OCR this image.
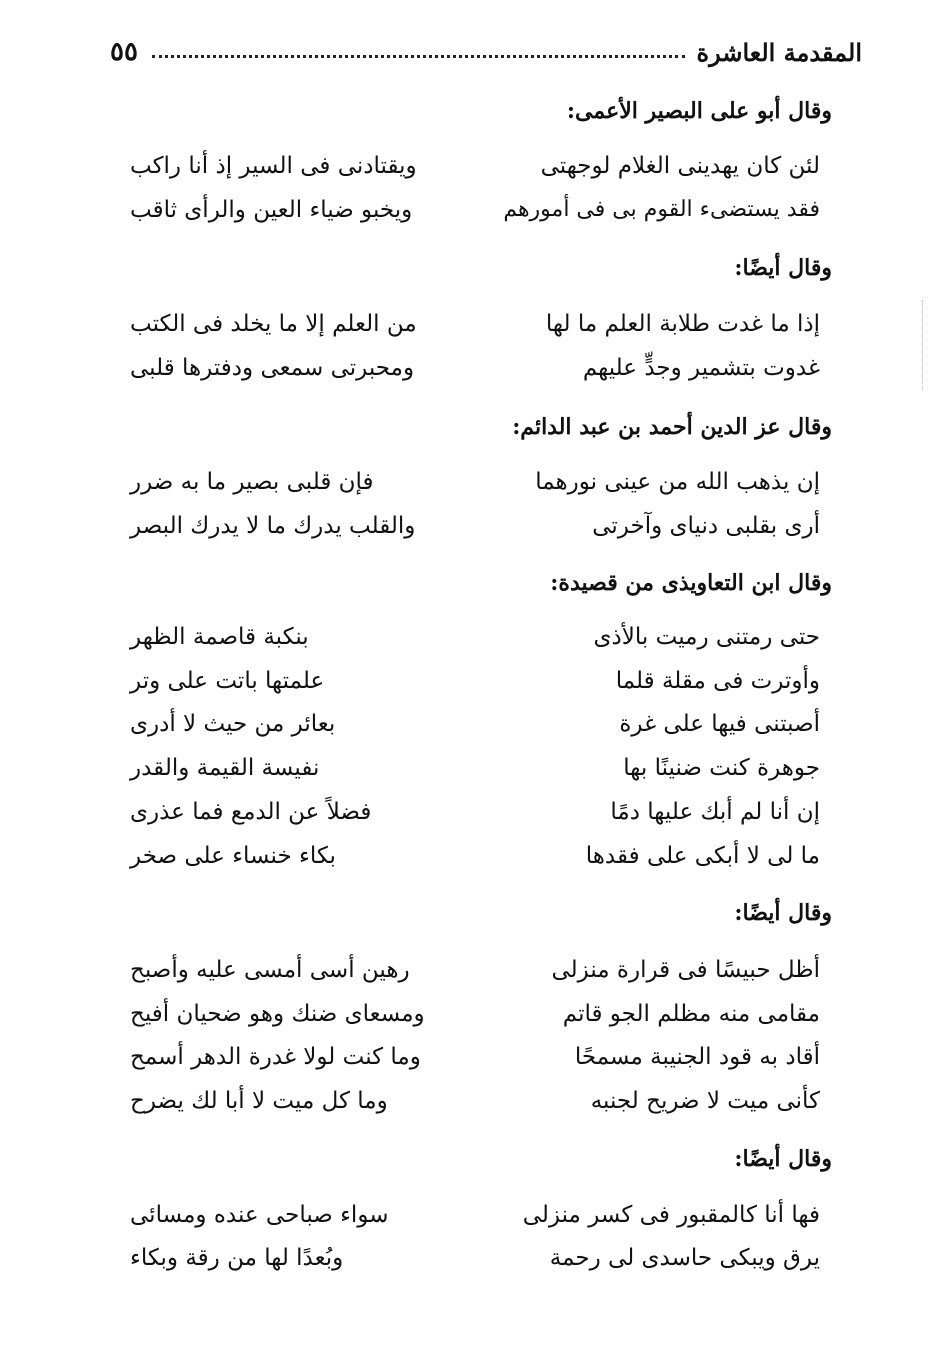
٥٥	المقدمة العاشرة
وقال أبو على البصير الأعمى:
لئن كان يهدينى الغلام لوجهتى
ويقتادنى فى السير إذ أنا راكب
فقد يستضىء القوم بى فى أمورهم
ويخبو ضياء العين والرأى ثاقب
وقال أيضًا:
إذا ما غدت طلابة العلم ما لها
من العلم إلا ما يخلد فى الكتب
غدوت بتشمير وجدٍّ عليهم
ومحبرتى سمعى ودفترها قلبى
وقال عز الدين أحمد بن عبد الدائم:
إن يذهب الله من عينى نورهما
فإن قلبى بصير ما به ضرر
أرى بقلبى دنياى وآخرتى
والقلب يدرك ما لا يدرك البصر
وقال ابن التعاويذى من قصيدة:
حتى رمتنى رميت بالأذى
بنكبة قاصمة الظهر
وأوترت فى مقلة قلما
علمتها باتت على وتر
أصبتنى فيها على غرة
بعائر من حيث لا أدرى
جوهرة كنت ضنينًا بها
نفيسة القيمة والقدر
إن أنا لم أبك عليها دمًا
فضلاً عن الدمع فما عذرى
ما لى لا أبكى على فقدها
بكاء خنساء على صخر
وقال أيضًا:
أظل حبيسًا فى قرارة منزلى
رهين أسى أمسى عليه وأصبح
مقامى منه مظلم الجو قاتم
ومسعاى ضنك وهو ضحيان أفيح
أقاد به قود الجنيبة مسمحًا
وما كنت لولا غدرة الدهر أسمح
كأنى ميت لا ضريح لجنبه
وما كل ميت لا أبا لك يضرح
وقال أيضًا:
فها أنا كالمقبور فى كسر منزلى
سواء صباحى عنده ومسائى
يرق ويبكى حاسدى لى رحمة
وبُعدًا لها من رقة وبكاء
